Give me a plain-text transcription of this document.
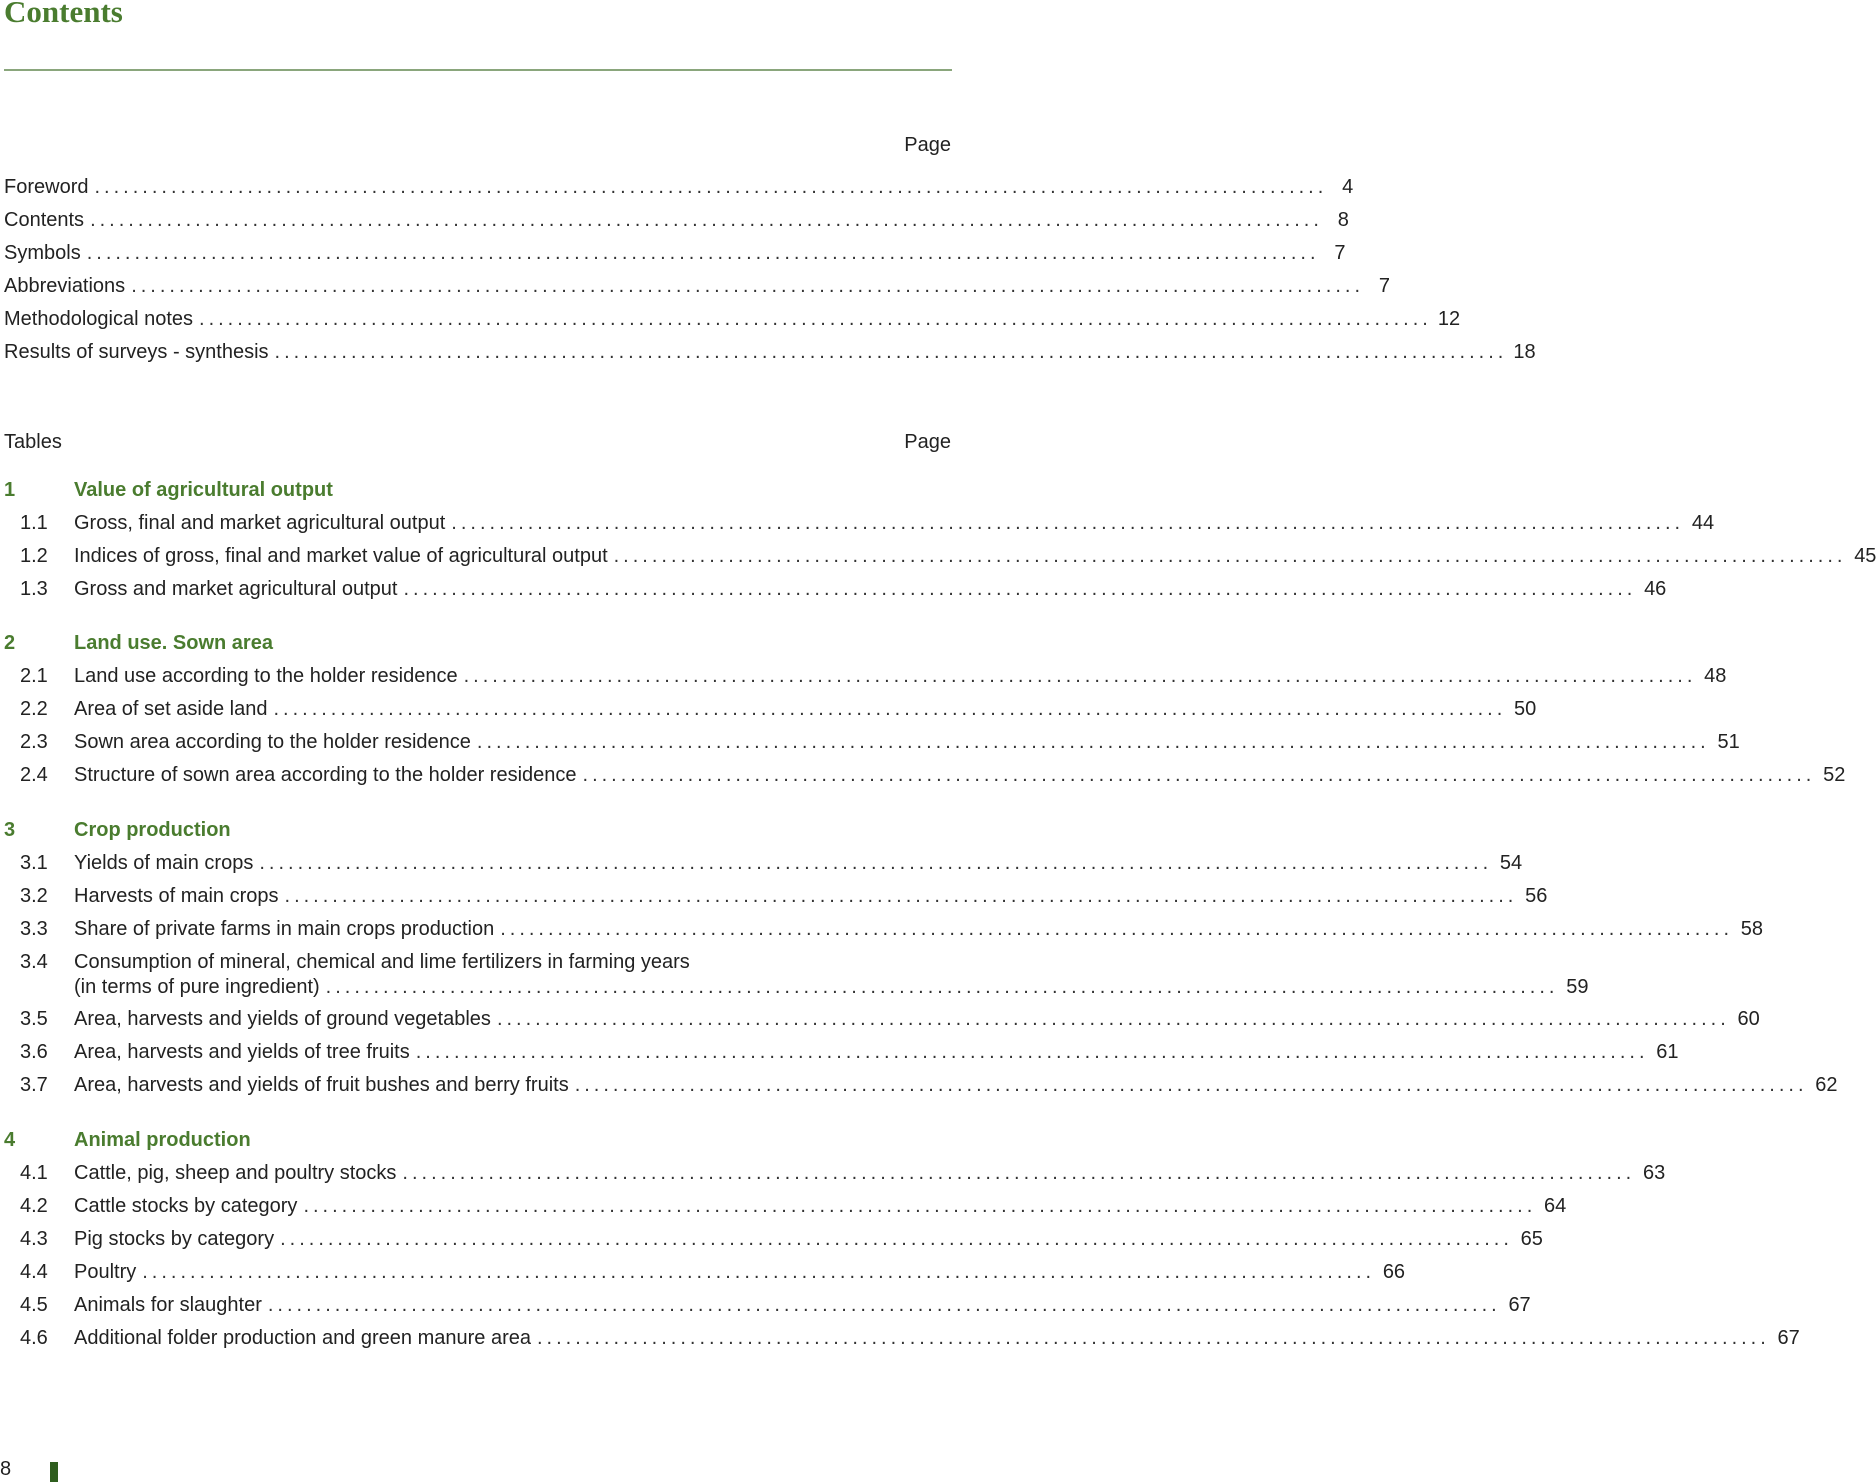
Contents
Page
Foreword ................................................................................................................................. 4
Contents ................................................................................................................................. 8
Symbols ................................................................................................................................. 7
Abbreviations ................................................................................................................................. 7
Methodological notes ................................................................................................................................. 12
Results of surveys - synthesis ................................................................................................................................. 18
Tables	Page
1	Value of agricultural output
1.1	Gross, final and market agricultural output ................................................................................................................................. 44
1.2	Indices of gross, final and market value of agricultural output ................................................................................................................................. 45
1.3	Gross and market agricultural output ................................................................................................................................. 46
2	Land use. Sown area
2.1	Land use according to the holder residence ................................................................................................................................. 48
2.2	Area of set aside land ................................................................................................................................. 50
2.3	Sown area according to the holder residence ................................................................................................................................. 51
2.4	Structure of sown area according to the holder residence ................................................................................................................................. 52
3	Crop production
3.1	Yields of main crops ................................................................................................................................. 54
3.2	Harvests of main crops ................................................................................................................................. 56
3.3	Share of private farms in main crops production ................................................................................................................................. 58
3.4	Consumption of mineral, chemical and lime fertilizers in farming years
(in terms of pure ingredient) ................................................................................................................................. 59
3.5	Area, harvests and yields of ground vegetables ................................................................................................................................. 60
3.6	Area, harvests and yields of tree fruits ................................................................................................................................. 61
3.7	Area, harvests and yields of fruit bushes and berry fruits ................................................................................................................................. 62
4	Animal production
4.1	Cattle, pig, sheep and poultry stocks ................................................................................................................................. 63
4.2	Cattle stocks by category ................................................................................................................................. 64
4.3	Pig stocks by category ................................................................................................................................. 65
4.4	Poultry ................................................................................................................................. 66
4.5	Animals for slaughter ................................................................................................................................. 67
4.6	Additional folder production and green manure area ................................................................................................................................. 67
8
